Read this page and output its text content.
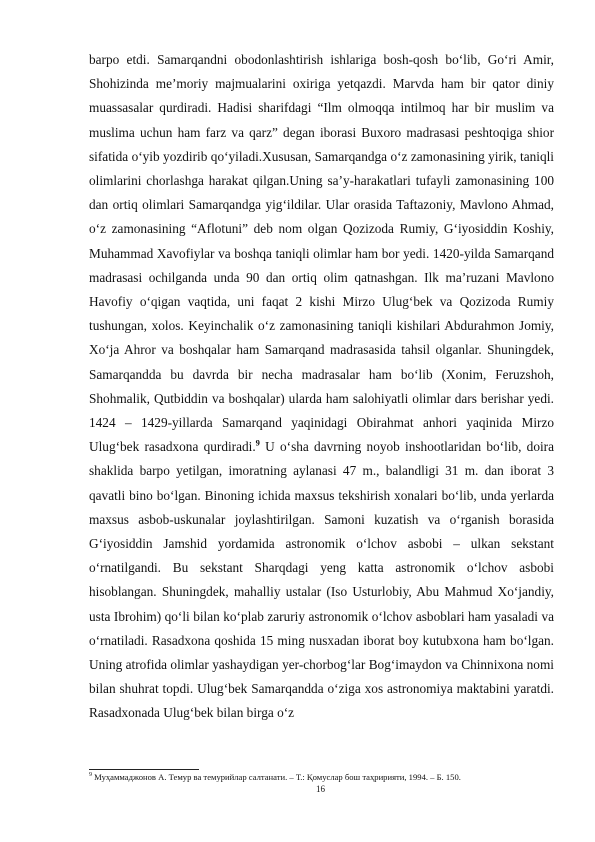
barpo etdi. Samarqandni obodonlashtirish ishlariga bosh-qosh bo‘lib, Go‘ri Amir, Shohizinda me’moriy majmualarini oxiriga yetqazdi. Marvda ham bir qator diniy muassasalar qurdiradi. Hadisi sharifdagi “Ilm olmoqqa intilmoq har bir muslim va muslima uchun ham farz va qarz” degan iborasi Buxoro madrasasi peshtoqiga shior sifatida o‘yib yozdirib qo‘yiladi.Xususan, Samarqandga o‘z zamonasining yirik, taniqli olimlarini chorlashga harakat qilgan.Uning sa’y-harakatlari tufayli zamonasining 100 dan ortiq olimlari Samarqandga yig‘ildilar. Ular orasida Taftazoniy, Mavlono Ahmad, o‘z zamonasining “Aflotuni” deb nom olgan Qozizoda Rumiy, G‘iyosiddin Koshiy, Muhammad Xavofiylar va boshqa taniqli olimlar ham bor yedi. 1420-yilda Samarqand madrasasi ochilganda unda 90 dan ortiq olim qatnashgan. Ilk ma’ruzani Mavlono Havofiy o‘qigan vaqtida, uni faqat 2 kishi Mirzo Ulug‘bek va Qozizoda Rumiy tushungan, xolos. Keyinchalik o‘z zamonasining taniqli kishilari Abdurahmon Jomiy, Xo‘ja Ahror va boshqalar ham Samarqand madrasasida tahsil olganlar. Shuningdek, Samarqandda bu davrda bir necha madrasalar ham bo‘lib (Xonim, Feruzshoh, Shohmalik, Qutbiddin va boshqalar) ularda ham salohiyatli olimlar dars berishar yedi. 1424 – 1429-yillarda Samarqand yaqinidagi Obirahmat anhori yaqinida Mirzo Ulug‘bek rasadxona qurdiradi.$^9$ U o‘sha davrning noyob inshootlaridan bo‘lib, doira shaklida barpo yetilgan, imoratning aylanasi 47 m., balandligi 31 m. dan iborat 3 qavatli bino bo‘lgan. Binoning ichida maxsus tekshirish xonalari bo‘lib, unda yerlarda maxsus asbob-uskunalar joylashtirilgan. Samoni kuzatish va o‘rganish borasida G‘iyosiddin Jamshid yordamida astronomik o‘lchov asbobi – ulkan sekstant o‘rnatilgandi. Bu sekstant Sharqdagi yeng katta astronomik o‘lchov asbobi hisoblangan. Shuningdek, mahalliy ustalar (Iso Usturlobiy, Abu Mahmud Xo‘jandiy, usta Ibrohim) qo‘li bilan ko‘plab zaruriy astronomik o‘lchov asboblari ham yasaladi va o‘rnatiladi. Rasadxona qoshida 15 ming nusxadan iborat boy kutubxona ham bo‘lgan. Uning atrofida olimlar yashaydigan yer-chorbog‘lar Bog‘imaydon va Chinnixona nomi bilan shuhrat topdi. Ulug‘bek Samarqandda o‘ziga xos astronomiya maktabini yaratdi. Rasadxonada Ulug‘bek bilan birga o‘z

$^9$ Муҳаммаджонов А. Темур ва темурийлар салтанати. – Т.: Қомуслар бош таҳририяти, 1994. – Б. 150.
16
